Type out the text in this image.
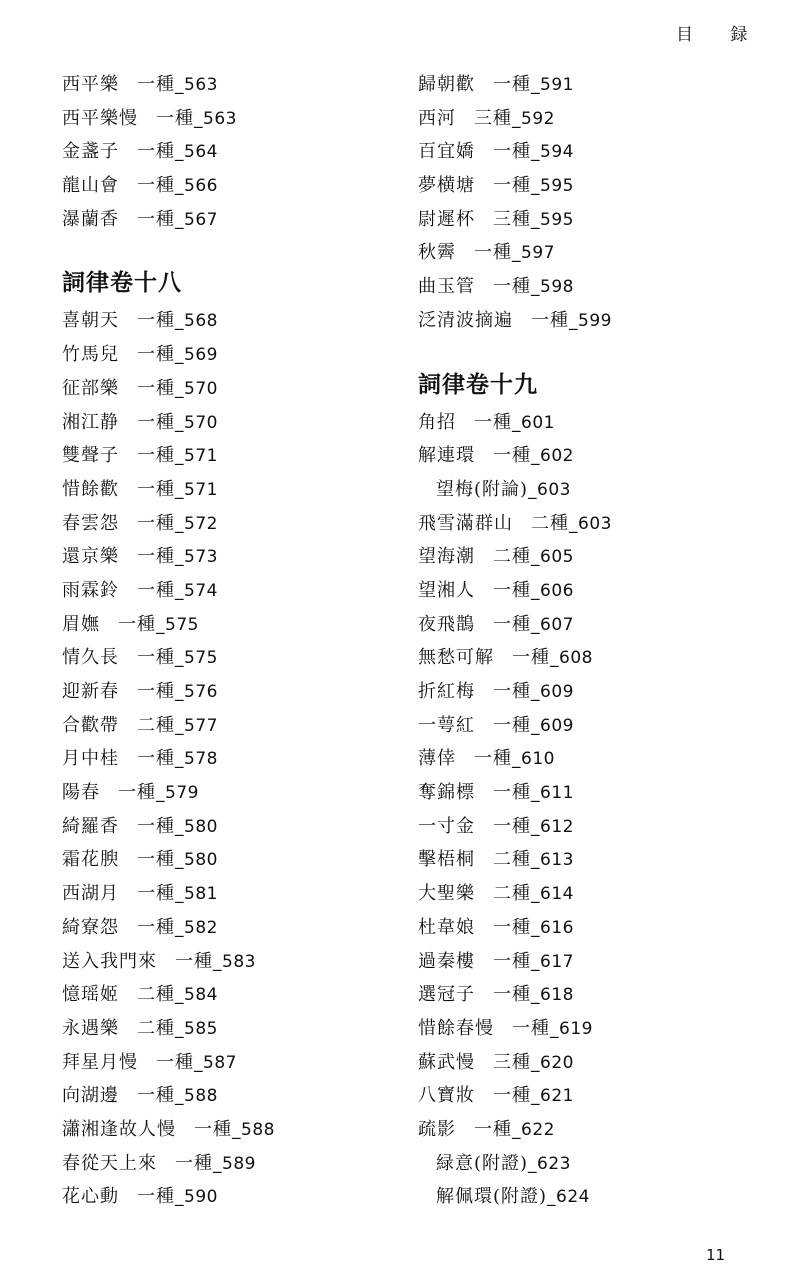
目 録
西平樂 一種_563
西平樂慢 一種_563
金盞子 一種_564
龍山會 一種_566
瀑蘭香 一種_567
詞律卷十八
喜朝天 一種_568
竹馬兒 一種_569
征部樂 一種_570
湘江静 一種_570
雙聲子 一種_571
惜餘歡 一種_571
春雲怨 一種_572
還京樂 一種_573
雨霖鈴 一種_574
眉嫵 一種_575
情久長 一種_575
迎新春 一種_576
合歡帶 二種_577
月中桂 一種_578
陽春 一種_579
綺羅香 一種_580
霜花腴 一種_580
西湖月 一種_581
綺寮怨 一種_582
送入我門來 一種_583
憶瑶姬 二種_584
永遇樂 二種_585
拜星月慢 一種_587
向湖邊 一種_588
瀟湘逢故人慢 一種_588
春從天上來 一種_589
花心動 一種_590
歸朝歡 一種_591
西河 三種_592
百宜嬌 一種_594
夢横塘 一種_595
尉遲杯 三種_595
秋霽 一種_597
曲玉管 一種_598
泛清波摘遍 一種_599
詞律卷十九
角招 一種_601
解連環 一種_602
望梅(附論)_603
飛雪滿群山 二種_603
望海潮 二種_605
望湘人 一種_606
夜飛鵲 一種_607
無愁可解 一種_608
折紅梅 一種_609
一萼紅 一種_609
薄倖 一種_610
奪錦標 一種_611
一寸金 一種_612
擊梧桐 二種_613
大聖樂 二種_614
杜韋娘 一種_616
過秦樓 一種_617
選冠子 一種_618
惜餘春慢 一種_619
蘇武慢 三種_620
八寶妝 一種_621
疏影 一種_622
緑意(附證)_623
解佩環(附證)_624
11
